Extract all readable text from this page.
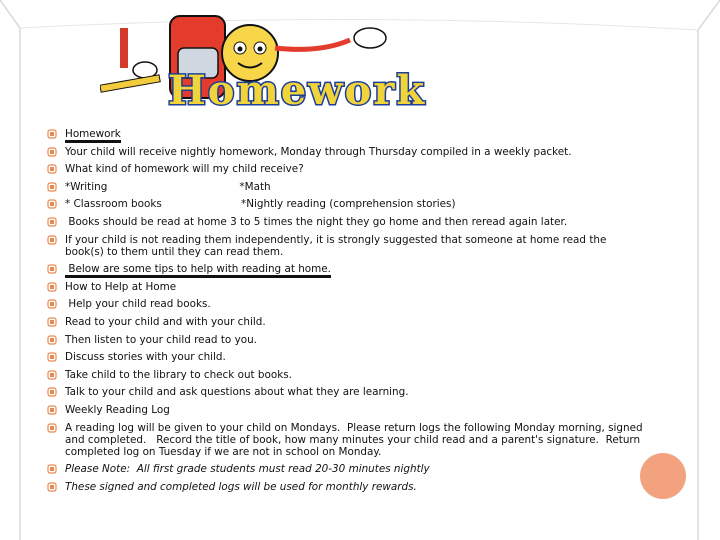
Homework
Homework
Your child will receive nightly homework, Monday through Thursday compiled in a weekly packet.
What kind of homework will my child receive?
*Writing                                        *Math
* Classroom books                        *Nightly reading (comprehension stories)
Books should be read at home 3 to 5 times the night they go home and then reread again later.
If your child is not reading them independently, it is strongly suggested that someone at home read the book(s) to them until they can read them.
Below are some tips to help with reading at home.
How to Help at Home
Help your child read books.
Read to your child and with your child.
Then listen to your child read to you.
Discuss stories with your child.
Take child to the library to check out books.
Talk to your child and ask questions about what they are learning.
Weekly Reading Log
A reading log will be given to your child on Mondays.  Please return logs the following Monday morning, signed and completed.   Record the title of book, how many minutes your child read and a parent's signature.  Return completed log on Tuesday if we are not in school on Monday.
Please Note:  All first grade students must read 20-30 minutes nightly
These signed and completed logs will be used for monthly rewards.
